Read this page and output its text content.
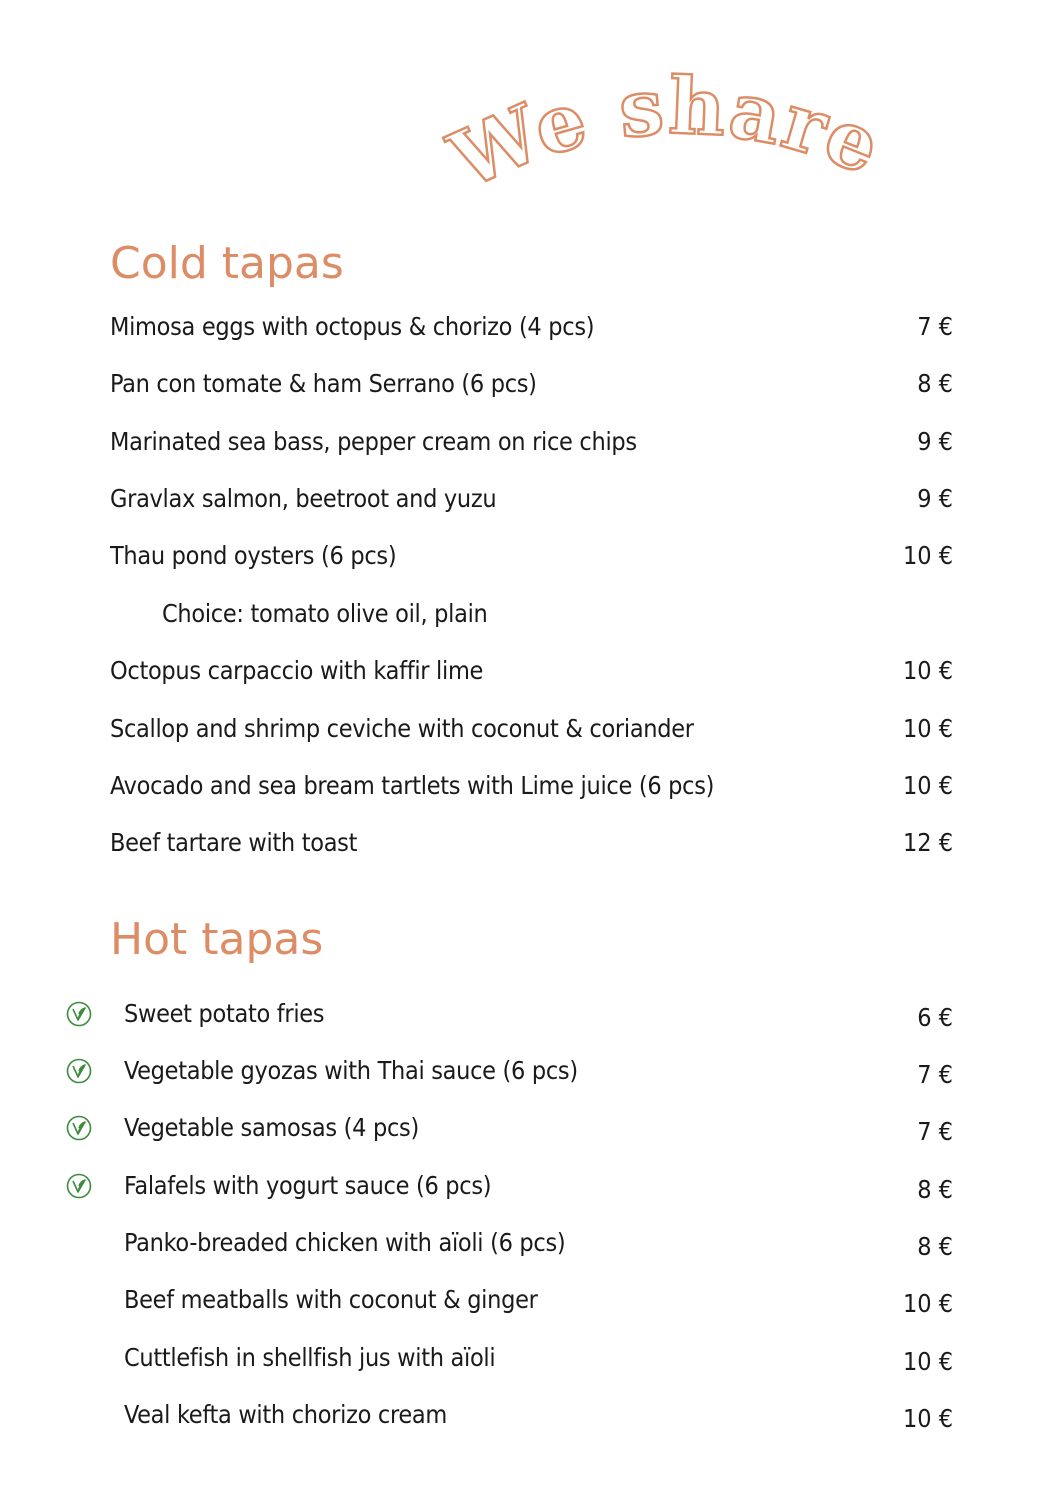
We share
Cold tapas
Mimosa eggs with octopus & chorizo (4 pcs)	7 €
Pan con tomate & ham Serrano (6 pcs)	8 €
Marinated sea bass, pepper cream on rice chips	9 €
Gravlax salmon, beetroot and yuzu	9 €
Thau pond oysters (6 pcs)	10 €
Octopus carpaccio with kaffir lime	10 €
Scallop and shrimp ceviche with coconut & coriander	10 €
Avocado and sea bream tartlets with Lime juice (6 pcs)	10 €
Beef tartare with toast	12 €
Choice: tomato olive oil, plain
Hot tapas
Sweet potato fries	6 €
Vegetable gyozas with Thai sauce (6 pcs)	7 €
Vegetable samosas (4 pcs)	7 €
Falafels with yogurt sauce (6 pcs)	8 €
Panko-breaded chicken with aïoli (6 pcs)	8 €
Beef meatballs with coconut & ginger	10 €
Cuttlefish in shellfish jus with aïoli	10 €
Veal kefta with chorizo cream	10 €
